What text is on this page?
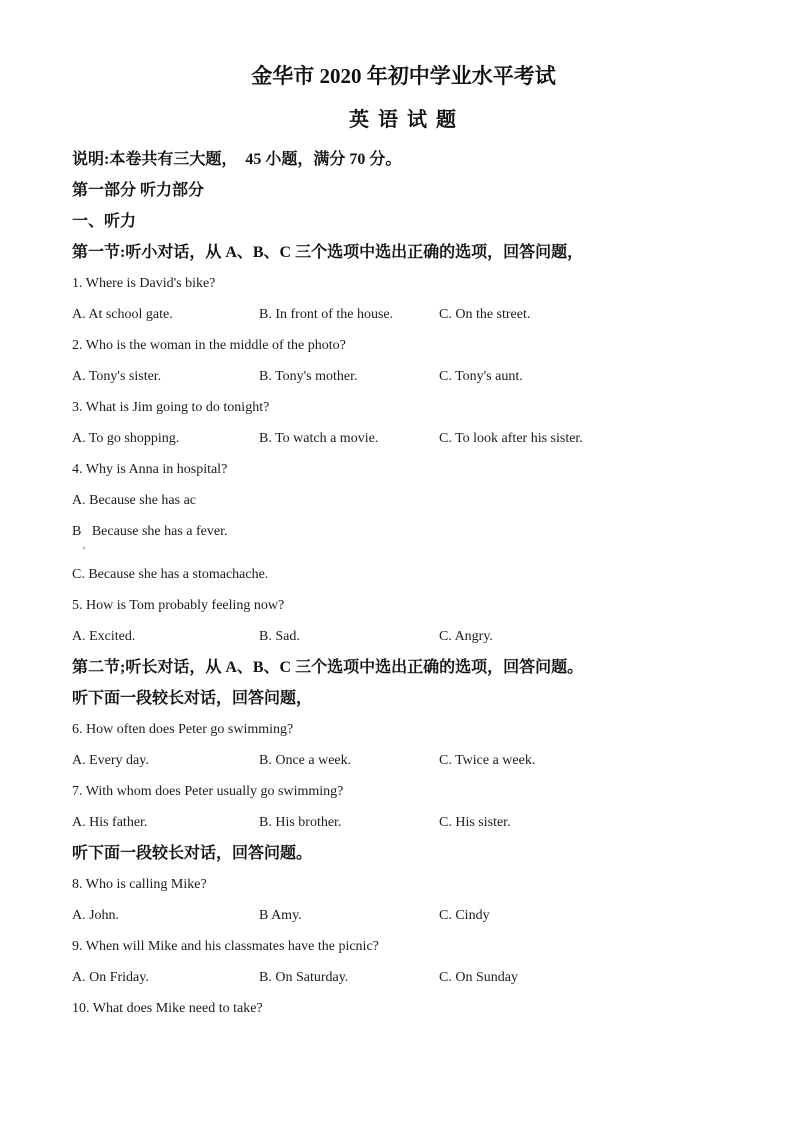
金华市 2020 年初中学业水平考试
英 语 试 题
说明:本卷共有三大题，  45 小题，满分 70 分。
第一部分 听力部分
一、听力
第一节:听小对话，从 A、B、C 三个选项中选出正确的选项，回答问题，
1. Where is David's bike?
A. At school gate.	B. In front of the house.	C. On the street.
2. Who is the woman in the middle of the photo?
A. Tony's sister.	B. Tony's mother.	C. Tony's aunt.
3. What is Jim going to do tonight?
A. To go shopping.	B. To watch a movie.	C. To look after his sister.
4. Why is Anna in hospital?
A. Because she has ac
B   Because she has a fever.
'
C. Because she has a stomachache.
5. How is Tom probably feeling now?
A. Excited.	B. Sad.	C. Angry.
第二节;听长对话，从 A、B、C 三个选项中选出正确的选项，回答问题。
听下面一段较长对话，回答问题，
6. How often does Peter go swimming?
A. Every day.	B. Once a week.	C. Twice a week.
7. With whom does Peter usually go swimming?
A. His father.	B. His brother.	C. His sister.
听下面一段较长对话，回答问题。
8. Who is calling Mike?
A. John.	B Amy.	C. Cindy
9. When will Mike and his classmates have the picnic?
A. On Friday.	B. On Saturday.	C. On Sunday
10. What does Mike need to take?
